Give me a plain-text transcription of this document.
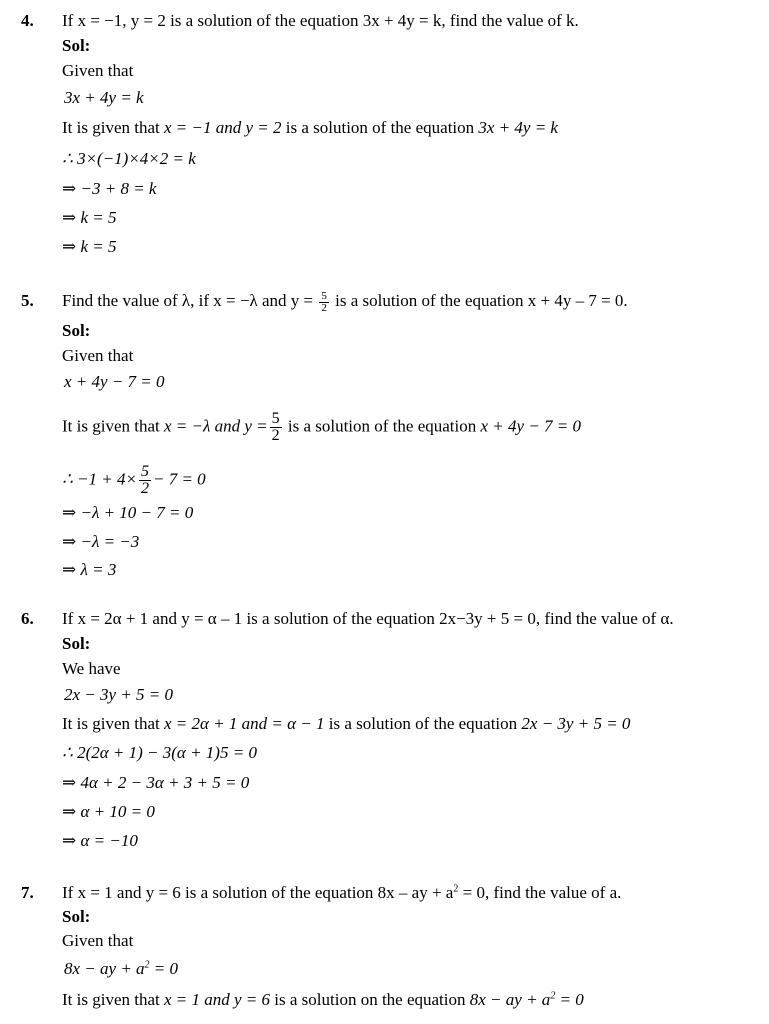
4. If x = −1, y = 2 is a solution of the equation 3x + 4y = k, find the value of k.
Sol:
Given that
3x + 4y = k
It is given that x = −1 and y = 2 is a solution of the equation 3x + 4y = k
∴ 3×(−1)×4×2 = k
⇒ −3 + 8 = k
⇒ k = 5
⇒ k = 5
5. Find the value of λ, if x = −λ and $y = \frac{5}{2}$ is a solution of the equation x + 4y – 7 = 0.
Sol:
Given that
x + 4y − 7 = 0
It is given that x = −λ and $y = \frac{5}{2}$ is a solution of the equation x + 4y − 7 = 0
∴ $-1 + 4\times \frac{5}{2} - 7 = 0$
⇒ −λ + 10 − 7 = 0
⇒ −λ = −3
⇒ λ = 3
6. If x = 2α + 1 and y = α – 1 is a solution of the equation 2x−3y + 5 = 0, find the value of α.
Sol:
We have
2x − 3y + 5 = 0
It is given that x = 2α + 1 and = α − 1 is a solution of the equation 2x − 3y + 5 = 0
∴ 2(2α + 1) − 3(α + 1)5 = 0
⇒ 4α + 2 − 3α + 3 + 5 = 0
⇒ α + 10 = 0
⇒ α = −10
7. If x = 1 and y = 6 is a solution of the equation 8x – ay + $a^2 = 0$, find the value of a.
Sol:
Given that
8x − ay + $a^2 = 0$
It is given that x = 1 and y = 6 is a solution on the equation 8x − ay + $a^2 = 0$
